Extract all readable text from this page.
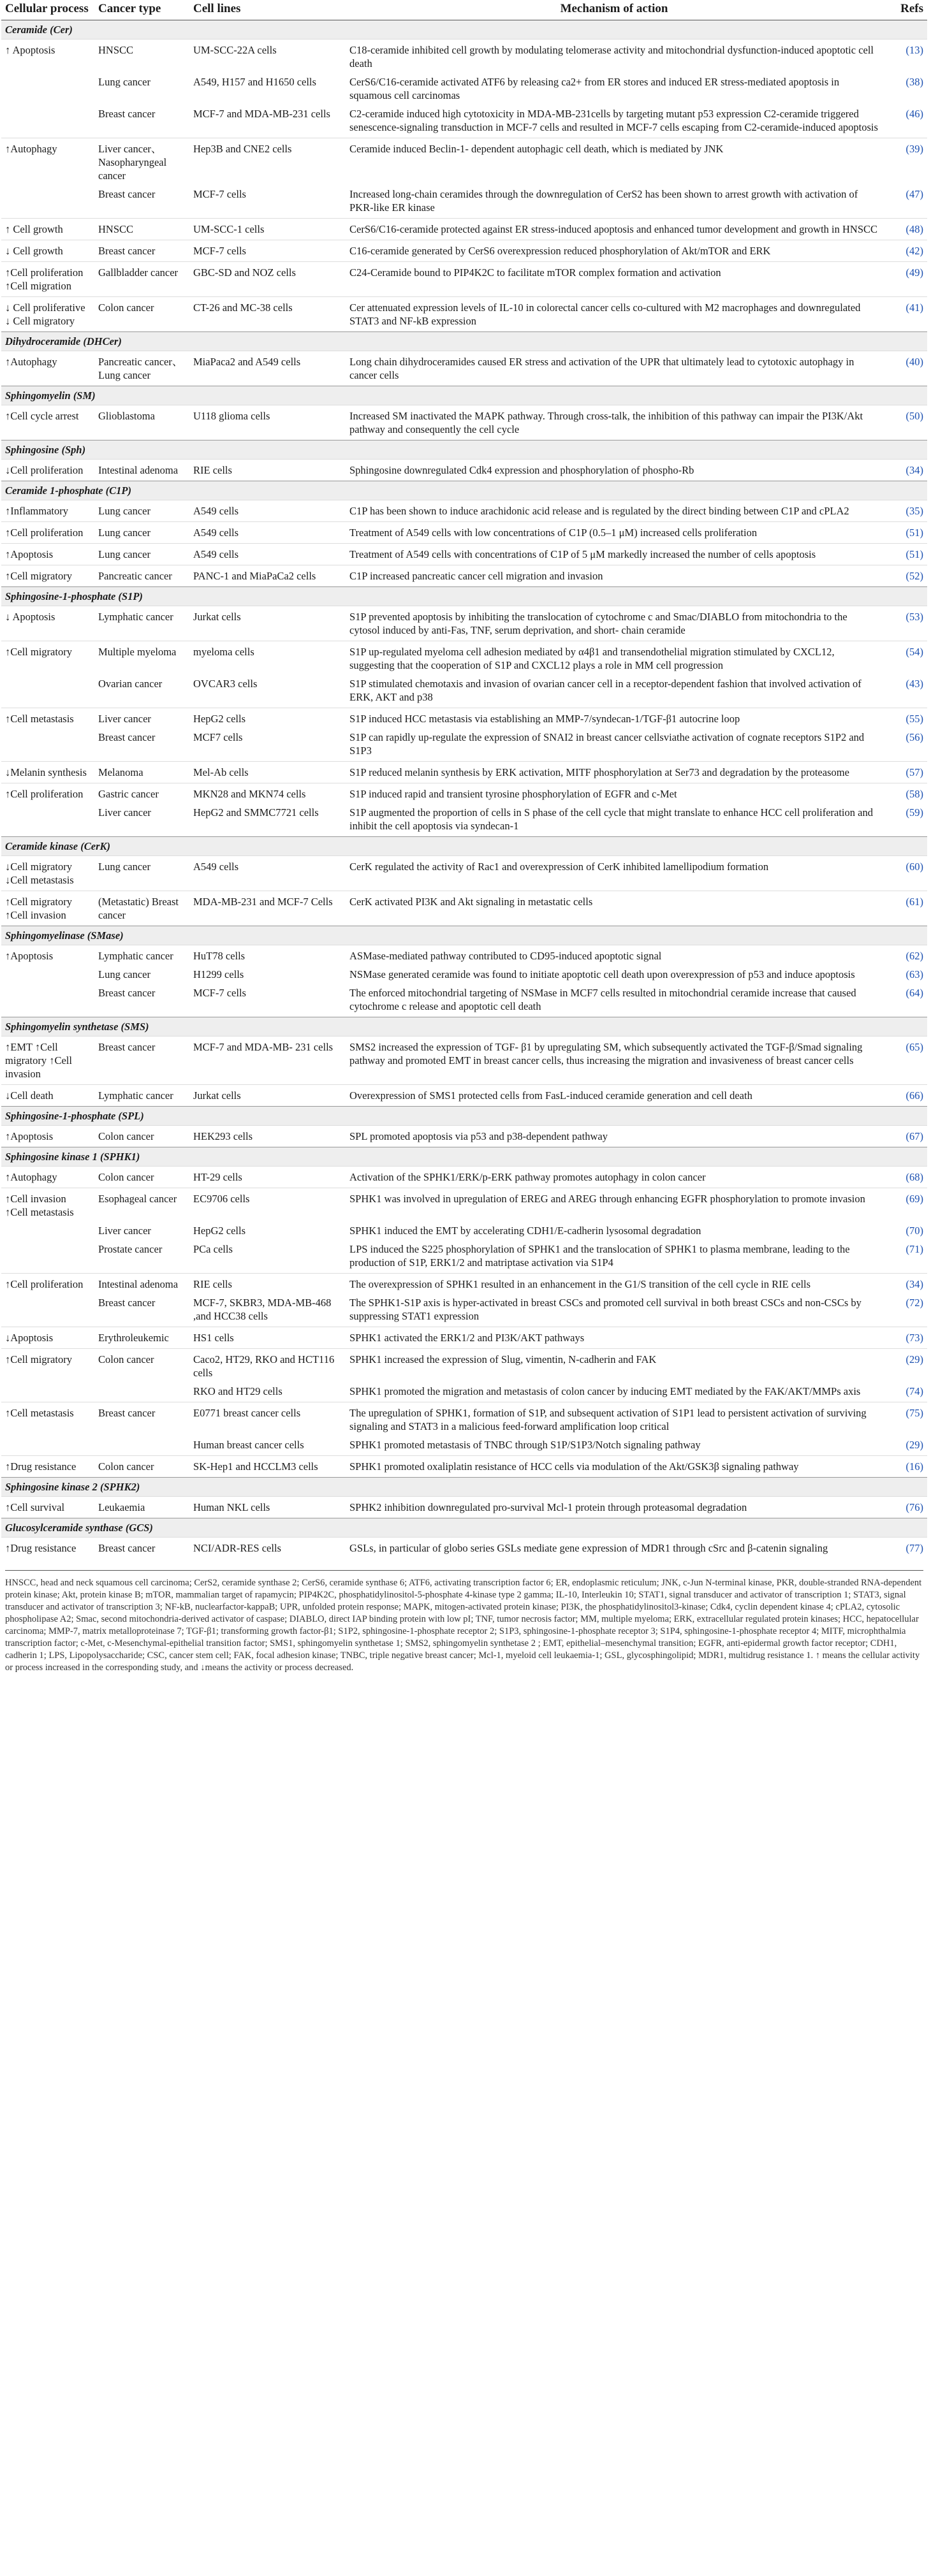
Cellular process	Cancer type	Cell lines	Mechanism of action	Refs
Ceramide (Cer)				
↑ Apoptosis	HNSCC	UM-SCC-22A cells	C18-ceramide inhibited cell growth by modulating telomerase activity and mitochondrial dysfunction-induced apoptotic cell death	(13)
	Lung cancer	A549, H157 and H1650 cells	CerS6/C16-ceramide activated ATF6 by releasing ca2+ from ER stores and induced ER stress-mediated apoptosis in squamous cell carcinomas	(38)
	Breast cancer	MCF-7 and MDA-MB-231 cells	C2-ceramide induced high cytotoxicity in MDA-MB-231cells by targeting mutant p53 expression C2-ceramide triggered senescence-signaling transduction in MCF-7 cells and resulted in MCF-7 cells escaping from C2-ceramide-induced apoptosis	(46)
↑Autophagy	Liver cancer、Nasopharyngeal cancer	Hep3B and CNE2 cells	Ceramide induced Beclin-1- dependent autophagic cell death, which is mediated by JNK	(39)
	Breast cancer	MCF-7 cells	Increased long-chain ceramides through the downregulation of CerS2 has been shown to arrest growth with activation of PKR-like ER kinase	(47)
↑ Cell growth	HNSCC	UM-SCC-1 cells	CerS6/C16-ceramide protected against ER stress-induced apoptosis and enhanced tumor development and growth in HNSCC	(48)
↓ Cell growth	Breast cancer	MCF-7 cells	C16-ceramide generated by CerS6 overexpression reduced phosphorylation of Akt/mTOR and ERK	(42)
↑Cell proliferation ↑Cell migration	Gallbladder cancer	GBC-SD and NOZ cells	C24-Ceramide bound to PIP4K2C to facilitate mTOR complex formation and activation	(49)
↓ Cell proliferative ↓ Cell migratory	Colon cancer	CT-26 and MC-38 cells	Cer attenuated expression levels of IL-10 in colorectal cancer cells co-cultured with M2 macrophages and downregulated STAT3 and NF-kB expression	(41)
Dihydroceramide (DHCer)				
↑Autophagy	Pancreatic cancer、Lung cancer	MiaPaca2 and A549 cells	Long chain dihydroceramides caused ER stress and activation of the UPR that ultimately lead to cytotoxic autophagy in cancer cells	(40)
Sphingomyelin (SM)				
↑Cell cycle arrest	Glioblastoma	U118 glioma cells	Increased SM inactivated the MAPK pathway. Through cross-talk, the inhibition of this pathway can impair the PI3K/Akt pathway and consequently the cell cycle	(50)
Sphingosine (Sph)				
↓Cell proliferation	Intestinal adenoma	RIE cells	Sphingosine downregulated Cdk4 expression and phosphorylation of phospho-Rb	(34)
Ceramide 1-phosphate (C1P)				
↑Inflammatory	Lung cancer	A549 cells	C1P has been shown to induce arachidonic acid release and is regulated by the direct binding between C1P and cPLA2	(35)
↑Cell proliferation	Lung cancer	A549 cells	Treatment of A549 cells with low concentrations of C1P (0.5–1 μM) increased cells proliferation	(51)
↑Apoptosis	Lung cancer	A549 cells	Treatment of A549 cells with concentrations of C1P of 5 μM markedly increased the number of cells apoptosis	(51)
↑Cell migratory	Pancreatic cancer	PANC-1 and MiaPaCa2 cells	C1P increased pancreatic cancer cell migration and invasion	(52)
Sphingosine-1-phosphate (S1P)				
↓ Apoptosis	Lymphatic cancer	Jurkat cells	S1P prevented apoptosis by inhibiting the translocation of cytochrome c and Smac/DIABLO from mitochondria to the cytosol induced by anti-Fas, TNF, serum deprivation, and short- chain ceramide	(53)
↑Cell migratory	Multiple myeloma	myeloma cells	S1P up-regulated myeloma cell adhesion mediated by α4β1 and transendothelial migration stimulated by CXCL12, suggesting that the cooperation of S1P and CXCL12 plays a role in MM cell progression	(54)
	Ovarian cancer	OVCAR3 cells	S1P stimulated chemotaxis and invasion of ovarian cancer cell in a receptor-dependent fashion that involved activation of ERK, AKT and p38	(43)
↑Cell metastasis	Liver cancer	HepG2 cells	S1P induced HCC metastasis via establishing an MMP-7/syndecan-1/TGF-β1 autocrine loop	(55)
	Breast cancer	MCF7 cells	S1P can rapidly up-regulate the expression of SNAI2 in breast cancer cellsviathe activation of cognate receptors S1P2 and S1P3	(56)
↓Melanin synthesis	Melanoma	Mel-Ab cells	S1P reduced melanin synthesis by ERK activation, MITF phosphorylation at Ser73 and degradation by the proteasome	(57)
↑Cell proliferation	Gastric cancer	MKN28 and MKN74 cells	S1P induced rapid and transient tyrosine phosphorylation of EGFR and c-Met	(58)
	Liver cancer	HepG2 and SMMC7721 cells	S1P augmented the proportion of cells in S phase of the cell cycle that might translate to enhance HCC cell proliferation and inhibit the cell apoptosis via syndecan-1	(59)
Ceramide kinase (CerK)				
↓Cell migratory ↓Cell metastasis	Lung cancer	A549 cells	CerK regulated the activity of Rac1 and overexpression of CerK inhibited lamellipodium formation	(60)
↑Cell migratory ↑Cell invasion	(Metastatic) Breast cancer	MDA-MB-231 and MCF-7 Cells	CerK activated PI3K and Akt signaling in metastatic cells	(61)
Sphingomyelinase (SMase)				
↑Apoptosis	Lymphatic cancer	HuT78 cells	ASMase-mediated pathway contributed to CD95-induced apoptotic signal	(62)
	Lung cancer	H1299 cells	NSMase generated ceramide was found to initiate apoptotic cell death upon overexpression of p53 and induce apoptosis	(63)
	Breast cancer	MCF-7 cells	The enforced mitochondrial targeting of NSMase in MCF7 cells resulted in mitochondrial ceramide increase that caused cytochrome c release and apoptotic cell death	(64)
Sphingomyelin synthetase (SMS)				
↑EMT ↑Cell migratory ↑Cell invasion	Breast cancer	MCF-7 and MDA-MB- 231 cells	SMS2 increased the expression of TGF- β1 by upregulating SM, which subsequently activated the TGF-β/Smad signaling pathway and promoted EMT in breast cancer cells, thus increasing the migration and invasiveness of breast cancer cells	(65)
↓Cell death	Lymphatic cancer	Jurkat cells	Overexpression of SMS1 protected cells from FasL-induced ceramide generation and cell death	(66)
Sphingosine-1-phosphate (SPL)				
↑Apoptosis	Colon cancer	HEK293 cells	SPL promoted apoptosis via p53 and p38-dependent pathway	(67)
Sphingosine kinase 1 (SPHK1)				
↑Autophagy	Colon cancer	HT-29 cells	Activation of the SPHK1/ERK/p-ERK pathway promotes autophagy in colon cancer	(68)
↑Cell invasion ↑Cell metastasis	Esophageal cancer	EC9706 cells	SPHK1 was involved in upregulation of EREG and AREG through enhancing EGFR phosphorylation to promote invasion	(69)
	Liver cancer	HepG2 cells	SPHK1 induced the EMT by accelerating CDH1/E-cadherin lysosomal degradation	(70)
	Prostate cancer	PCa cells	LPS induced the S225 phosphorylation of SPHK1 and the translocation of SPHK1 to plasma membrane, leading to the production of S1P, ERK1/2 and matriptase activation via S1P4	(71)
↑Cell proliferation	Intestinal adenoma	RIE cells	The overexpression of SPHK1 resulted in an enhancement in the G1/S transition of the cell cycle in RIE cells	(34)
	Breast cancer	MCF-7, SKBR3, MDA-MB-468 ,and HCC38 cells	The SPHK1-S1P axis is hyper-activated in breast CSCs and promoted cell survival in both breast CSCs and non-CSCs by suppressing STAT1 expression	(72)
↓Apoptosis	Erythroleukemic	HS1 cells	SPHK1 activated the ERK1/2 and PI3K/AKT pathways	(73)
↑Cell migratory	Colon cancer	Caco2, HT29, RKO and HCT116 cells	SPHK1 increased the expression of Slug, vimentin, N-cadherin and FAK	(29)
		RKO and HT29 cells	SPHK1 promoted the migration and metastasis of colon cancer by inducing EMT mediated by the FAK/AKT/MMPs axis	(74)
↑Cell metastasis	Breast cancer	E0771 breast cancer cells	The upregulation of SPHK1, formation of S1P, and subsequent activation of S1P1 lead to persistent activation of surviving signaling and STAT3 in a malicious feed-forward amplification loop critical	(75)
		Human breast cancer cells	SPHK1 promoted metastasis of TNBC through S1P/S1P3/Notch signaling pathway	(29)
↑Drug resistance	Colon cancer	SK-Hep1 and HCCLM3 cells	SPHK1 promoted oxaliplatin resistance of HCC cells via modulation of the Akt/GSK3β signaling pathway	(16)
Sphingosine kinase 2 (SPHK2)				
↑Cell survival	Leukaemia	Human NKL cells	SPHK2 inhibition downregulated pro-survival Mcl-1 protein through proteasomal degradation	(76)
Glucosylceramide synthase (GCS)				
↑Drug resistance	Breast cancer	NCI/ADR-RES cells	GSLs, in particular of globo series GSLs mediate gene expression of MDR1 through cSrc and β-catenin signaling	(77)

HNSCC, head and neck squamous cell carcinoma; CerS2, ceramide synthase 2; CerS6, ceramide synthase 6; ATF6, activating transcription factor 6; ER, endoplasmic reticulum; JNK, c-Jun N-terminal kinase, PKR, double-stranded RNA-dependent protein kinase; Akt, protein kinase B; mTOR, mammalian target of rapamycin; PIP4K2C, phosphatidylinositol-5-phosphate 4-kinase type 2 gamma; IL-10, Interleukin 10; STAT1, signal transducer and activator of transcription 1; STAT3, signal transducer and activator of transcription 3; NF-kB, nuclearfactor-kappaB; UPR, unfolded protein response; MAPK, mitogen-activated protein kinase; PI3K, the phosphatidylinositol3-kinase; Cdk4, cyclin dependent kinase 4; cPLA2, cytosolic phospholipase A2; Smac, second mitochondria-derived activator of caspase; DIABLO, direct IAP binding protein with low pI; TNF, tumor necrosis factor; MM, multiple myeloma; ERK, extracellular regulated protein kinases; HCC, hepatocellular carcinoma; MMP-7, matrix metalloproteinase 7; TGF-β1; transforming growth factor-β1; S1P2, sphingosine-1-phosphate receptor 2; S1P3, sphingosine-1-phosphate receptor 3; S1P4, sphingosine-1-phosphate receptor 4; MITF, microphthalmia transcription factor; c-Met, c-Mesenchymal-epithelial transition factor; SMS1, sphingomyelin synthetase 1; SMS2, sphingomyelin synthetase 2 ; EMT, epithelial–mesenchymal transition; EGFR, anti-epidermal growth factor receptor; CDH1, cadherin 1; LPS, Lipopolysaccharide; CSC, cancer stem cell; FAK, focal adhesion kinase; TNBC, triple negative breast cancer; Mcl-1, myeloid cell leukaemia-1; GSL, glycosphingolipid; MDR1, multidrug resistance 1. ↑ means the cellular activity or process increased in the corresponding study, and ↓means the activity or process decreased.
